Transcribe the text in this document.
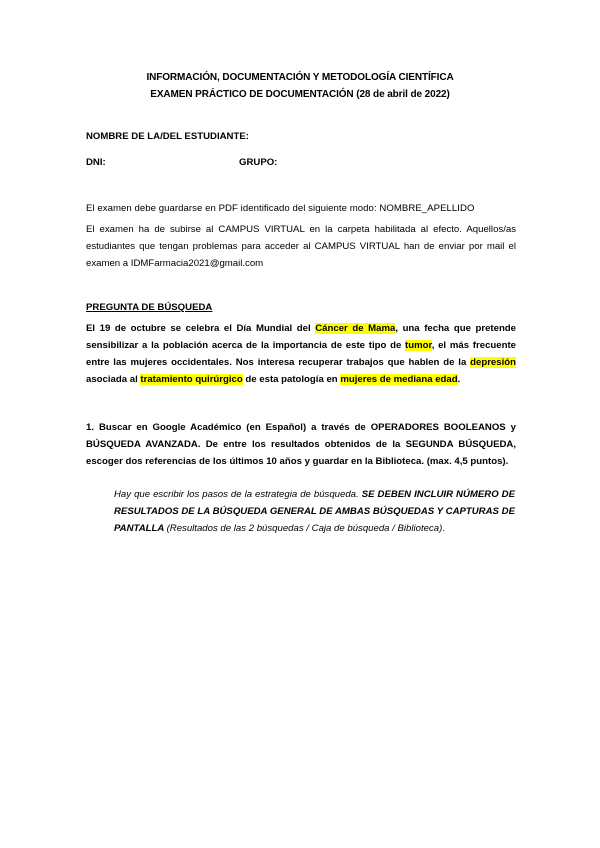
INFORMACIÓN, DOCUMENTACIÓN Y METODOLOGÍA CIENTÍFICA
EXAMEN PRÁCTICO DE DOCUMENTACIÓN (28 de abril de 2022)
NOMBRE DE LA/DEL ESTUDIANTE:
DNI:	GRUPO:
El examen debe guardarse en PDF identificado del siguiente modo: NOMBRE_APELLIDO
El examen ha de subirse al CAMPUS VIRTUAL en la carpeta habilitada al efecto. Aquellos/as
estudiantes que tengan problemas para acceder al CAMPUS VIRTUAL han de enviar por mail el
examen a IDMFarmacia2021@gmail.com
PREGUNTA DE BÚSQUEDA
El 19 de octubre se celebra el Día Mundial del Cáncer de Mama, una fecha que pretende
sensibilizar a la población acerca de la importancia de este tipo de tumor, el más frecuente
entre las mujeres occidentales. Nos interesa recuperar trabajos que hablen de la depresión
asociada al tratamiento quirúrgico de esta patología en mujeres de mediana edad.
1. Buscar en Google Académico (en Español) a través de OPERADORES BOOLEANOS y
BÚSQUEDA AVANZADA. De entre los resultados obtenidos de la SEGUNDA BÚSQUEDA,
escoger dos referencias de los últimos 10 años y guardar en la Biblioteca. (max. 4,5 puntos).
Hay que escribir los pasos de la estrategia de búsqueda. SE DEBEN INCLUIR NÚMERO DE
RESULTADOS DE LA BÚSQUEDA GENERAL DE AMBAS BÚSQUEDAS Y CAPTURAS DE
PANTALLA (Resultados de las 2 búsquedas / Caja de búsqueda / Biblioteca).
